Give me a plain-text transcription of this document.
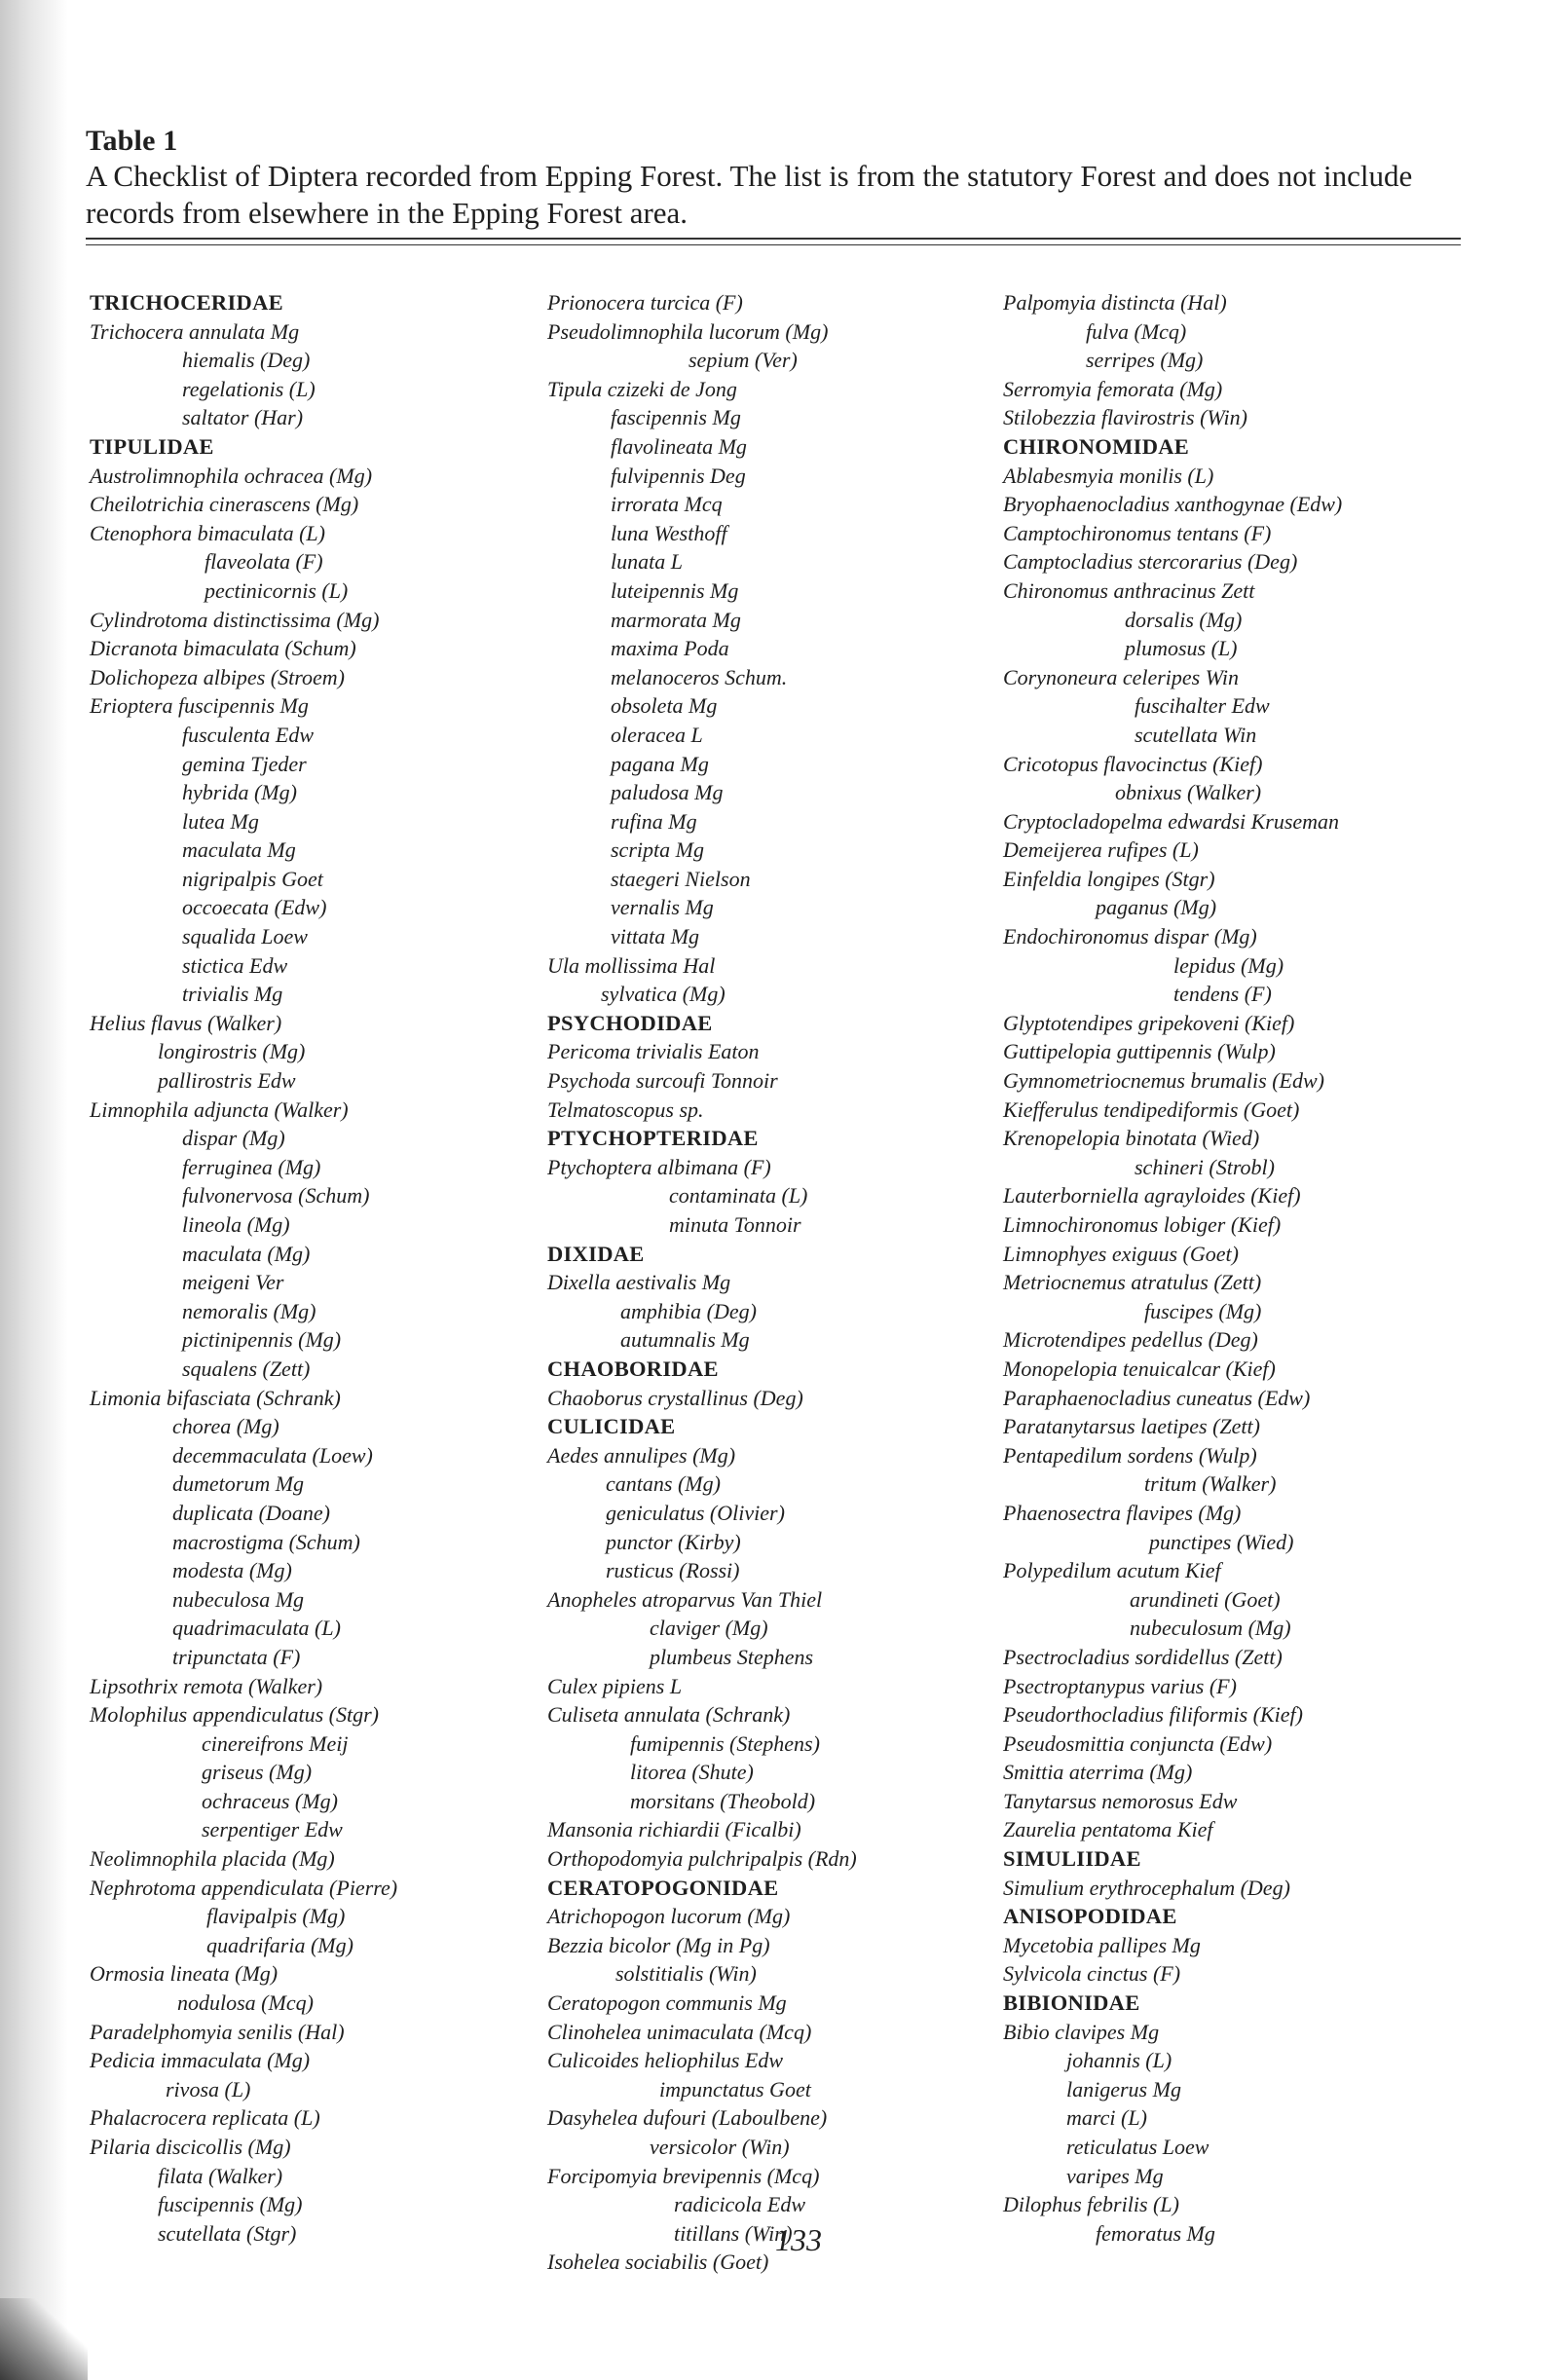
Table 1
A Checklist of Diptera recorded from Epping Forest. The list is from the statutory Forest and does not include records from elsewhere in the Epping Forest area.
TRICHOCERIDAE
Trichocera annulata Mg
hiemalis (Deg)
regelationis (L)
saltator (Har)
TIPULIDAE
Austrolimnophila ochracea (Mg)
Cheilotrichia cinerascens (Mg)
Ctenophora bimaculata (L)
flaveolata (F)
pectinicornis (L)
Cylindrotoma distinctissima (Mg)
Dicranota bimaculata (Schum)
Dolichopeza albipes (Stroem)
Erioptera fuscipennis Mg
fusculenta Edw
gemina Tjeder
hybrida (Mg)
lutea Mg
maculata Mg
nigripalpis Goet
occoecata (Edw)
squalida Loew
stictica Edw
trivialis Mg
Helius flavus (Walker)
longirostris (Mg)
pallirostris Edw
Limnophila adjuncta (Walker)
dispar (Mg)
ferruginea (Mg)
fulvonervosa (Schum)
lineola (Mg)
maculata (Mg)
meigeni Ver
nemoralis (Mg)
pictinipennis (Mg)
squalens (Zett)
Limonia bifasciata (Schrank)
chorea (Mg)
decemmaculata (Loew)
dumetorum Mg
duplicata (Doane)
macrostigma (Schum)
modesta (Mg)
nubeculosa Mg
quadrimaculata (L)
tripunctata (F)
Lipsothrix remota (Walker)
Molophilus appendiculatus (Stgr)
cinereifrons Meij
griseus (Mg)
ochraceus (Mg)
serpentiger Edw
Neolimnophila placida (Mg)
Nephrotoma appendiculata (Pierre)
flavipalpis (Mg)
quadrifaria (Mg)
Ormosia lineata (Mg)
nodulosa (Mcq)
Paradelphomyia senilis (Hal)
Pedicia immaculata (Mg)
rivosa (L)
Phalacrocera replicata (L)
Pilaria discicollis (Mg)
filata (Walker)
fuscipennis (Mg)
scutellata (Stgr)
Prionocera turcica (F)
Pseudolimnophila lucorum (Mg)
sepium (Ver)
Tipula czizeki de Jong
fascipennis Mg
flavolineata Mg
fulvipennis Deg
irrorata Mcq
luna Westhoff
lunata L
luteipennis Mg
marmorata Mg
maxima Poda
melanoceros Schum.
obsoleta Mg
oleracea L
pagana Mg
paludosa Mg
rufina Mg
scripta Mg
staegeri Nielson
vernalis Mg
vittata Mg
Ula mollissima Hal
sylvatica (Mg)
PSYCHODIDAE
Pericoma trivialis Eaton
Psychoda surcoufi Tonnoir
Telmatoscopus sp.
PTYCHOPTERIDAE
Ptychoptera albimana (F)
contaminata (L)
minuta Tonnoir
DIXIDAE
Dixella aestivalis Mg
amphibia (Deg)
autumnalis Mg
CHAOBORIDAE
Chaoborus crystallinus (Deg)
CULICIDAE
Aedes annulipes (Mg)
cantans (Mg)
geniculatus (Olivier)
punctor (Kirby)
rusticus (Rossi)
Anopheles atroparvus Van Thiel
claviger (Mg)
plumbeus Stephens
Culex pipiens L
Culiseta annulata (Schrank)
fumipennis (Stephens)
litorea (Shute)
morsitans (Theobold)
Mansonia richiardii (Ficalbi)
Orthopodomyia pulchripalpis (Rdn)
CERATOPOGONIDAE
Atrichopogon lucorum (Mg)
Bezzia bicolor (Mg in Pg)
solstitialis (Win)
Ceratopogon communis Mg
Clinohelea unimaculata (Mcq)
Culicoides heliophilus Edw
impunctatus Goet
Dasyhelea dufouri (Laboulbene)
versicolor (Win)
Forcipomyia brevipennis (Mcq)
radicicola Edw
titillans (Win)
Isohelea sociabilis (Goet)
Palpomyia distincta (Hal)
fulva (Mcq)
serripes (Mg)
Serromyia femorata (Mg)
Stilobezzia flavirostris (Win)
CHIRONOMIDAE
Ablabesmyia monilis (L)
Bryophaenocladius xanthogynae (Edw)
Camptochironomus tentans (F)
Camptocladius stercorarius (Deg)
Chironomus anthracinus Zett
dorsalis (Mg)
plumosus (L)
Corynoneura celeripes Win
fuscihalter Edw
scutellata Win
Cricotopus flavocinctus (Kief)
obnixus (Walker)
Cryptocladopelma edwardsi Kruseman
Demeijerea rufipes (L)
Einfeldia longipes (Stgr)
paganus (Mg)
Endochironomus dispar (Mg)
lepidus (Mg)
tendens (F)
Glyptotendipes gripekoveni (Kief)
Guttipelopia guttipennis (Wulp)
Gymnometriocnemus brumalis (Edw)
Kiefferulus tendipediformis (Goet)
Krenopelopia binotata (Wied)
schineri (Strobl)
Lauterborniella agrayloides (Kief)
Limnochironomus lobiger (Kief)
Limnophyes exiguus (Goet)
Metriocnemus atratulus (Zett)
fuscipes (Mg)
Microtendipes pedellus (Deg)
Monopelopia tenuicalcar (Kief)
Paraphaenocladius cuneatus (Edw)
Paratanytarsus laetipes (Zett)
Pentapedilum sordens (Wulp)
tritum (Walker)
Phaenosectra flavipes (Mg)
punctipes (Wied)
Polypedilum acutum Kief
arundineti (Goet)
nubeculosum (Mg)
Psectrocladius sordidellus (Zett)
Psectroptanypus varius (F)
Pseudorthocladius filiformis (Kief)
Pseudosmittia conjuncta (Edw)
Smittia aterrima (Mg)
Tanytarsus nemorosus Edw
Zaurelia pentatoma Kief
SIMULIIDAE
Simulium erythrocephalum (Deg)
ANISOPODIDAE
Mycetobia pallipes Mg
Sylvicola cinctus (F)
BIBIONIDAE
Bibio clavipes Mg
johannis (L)
lanigerus Mg
marci (L)
reticulatus Loew
varipes Mg
Dilophus febrilis (L)
femoratus Mg
133
